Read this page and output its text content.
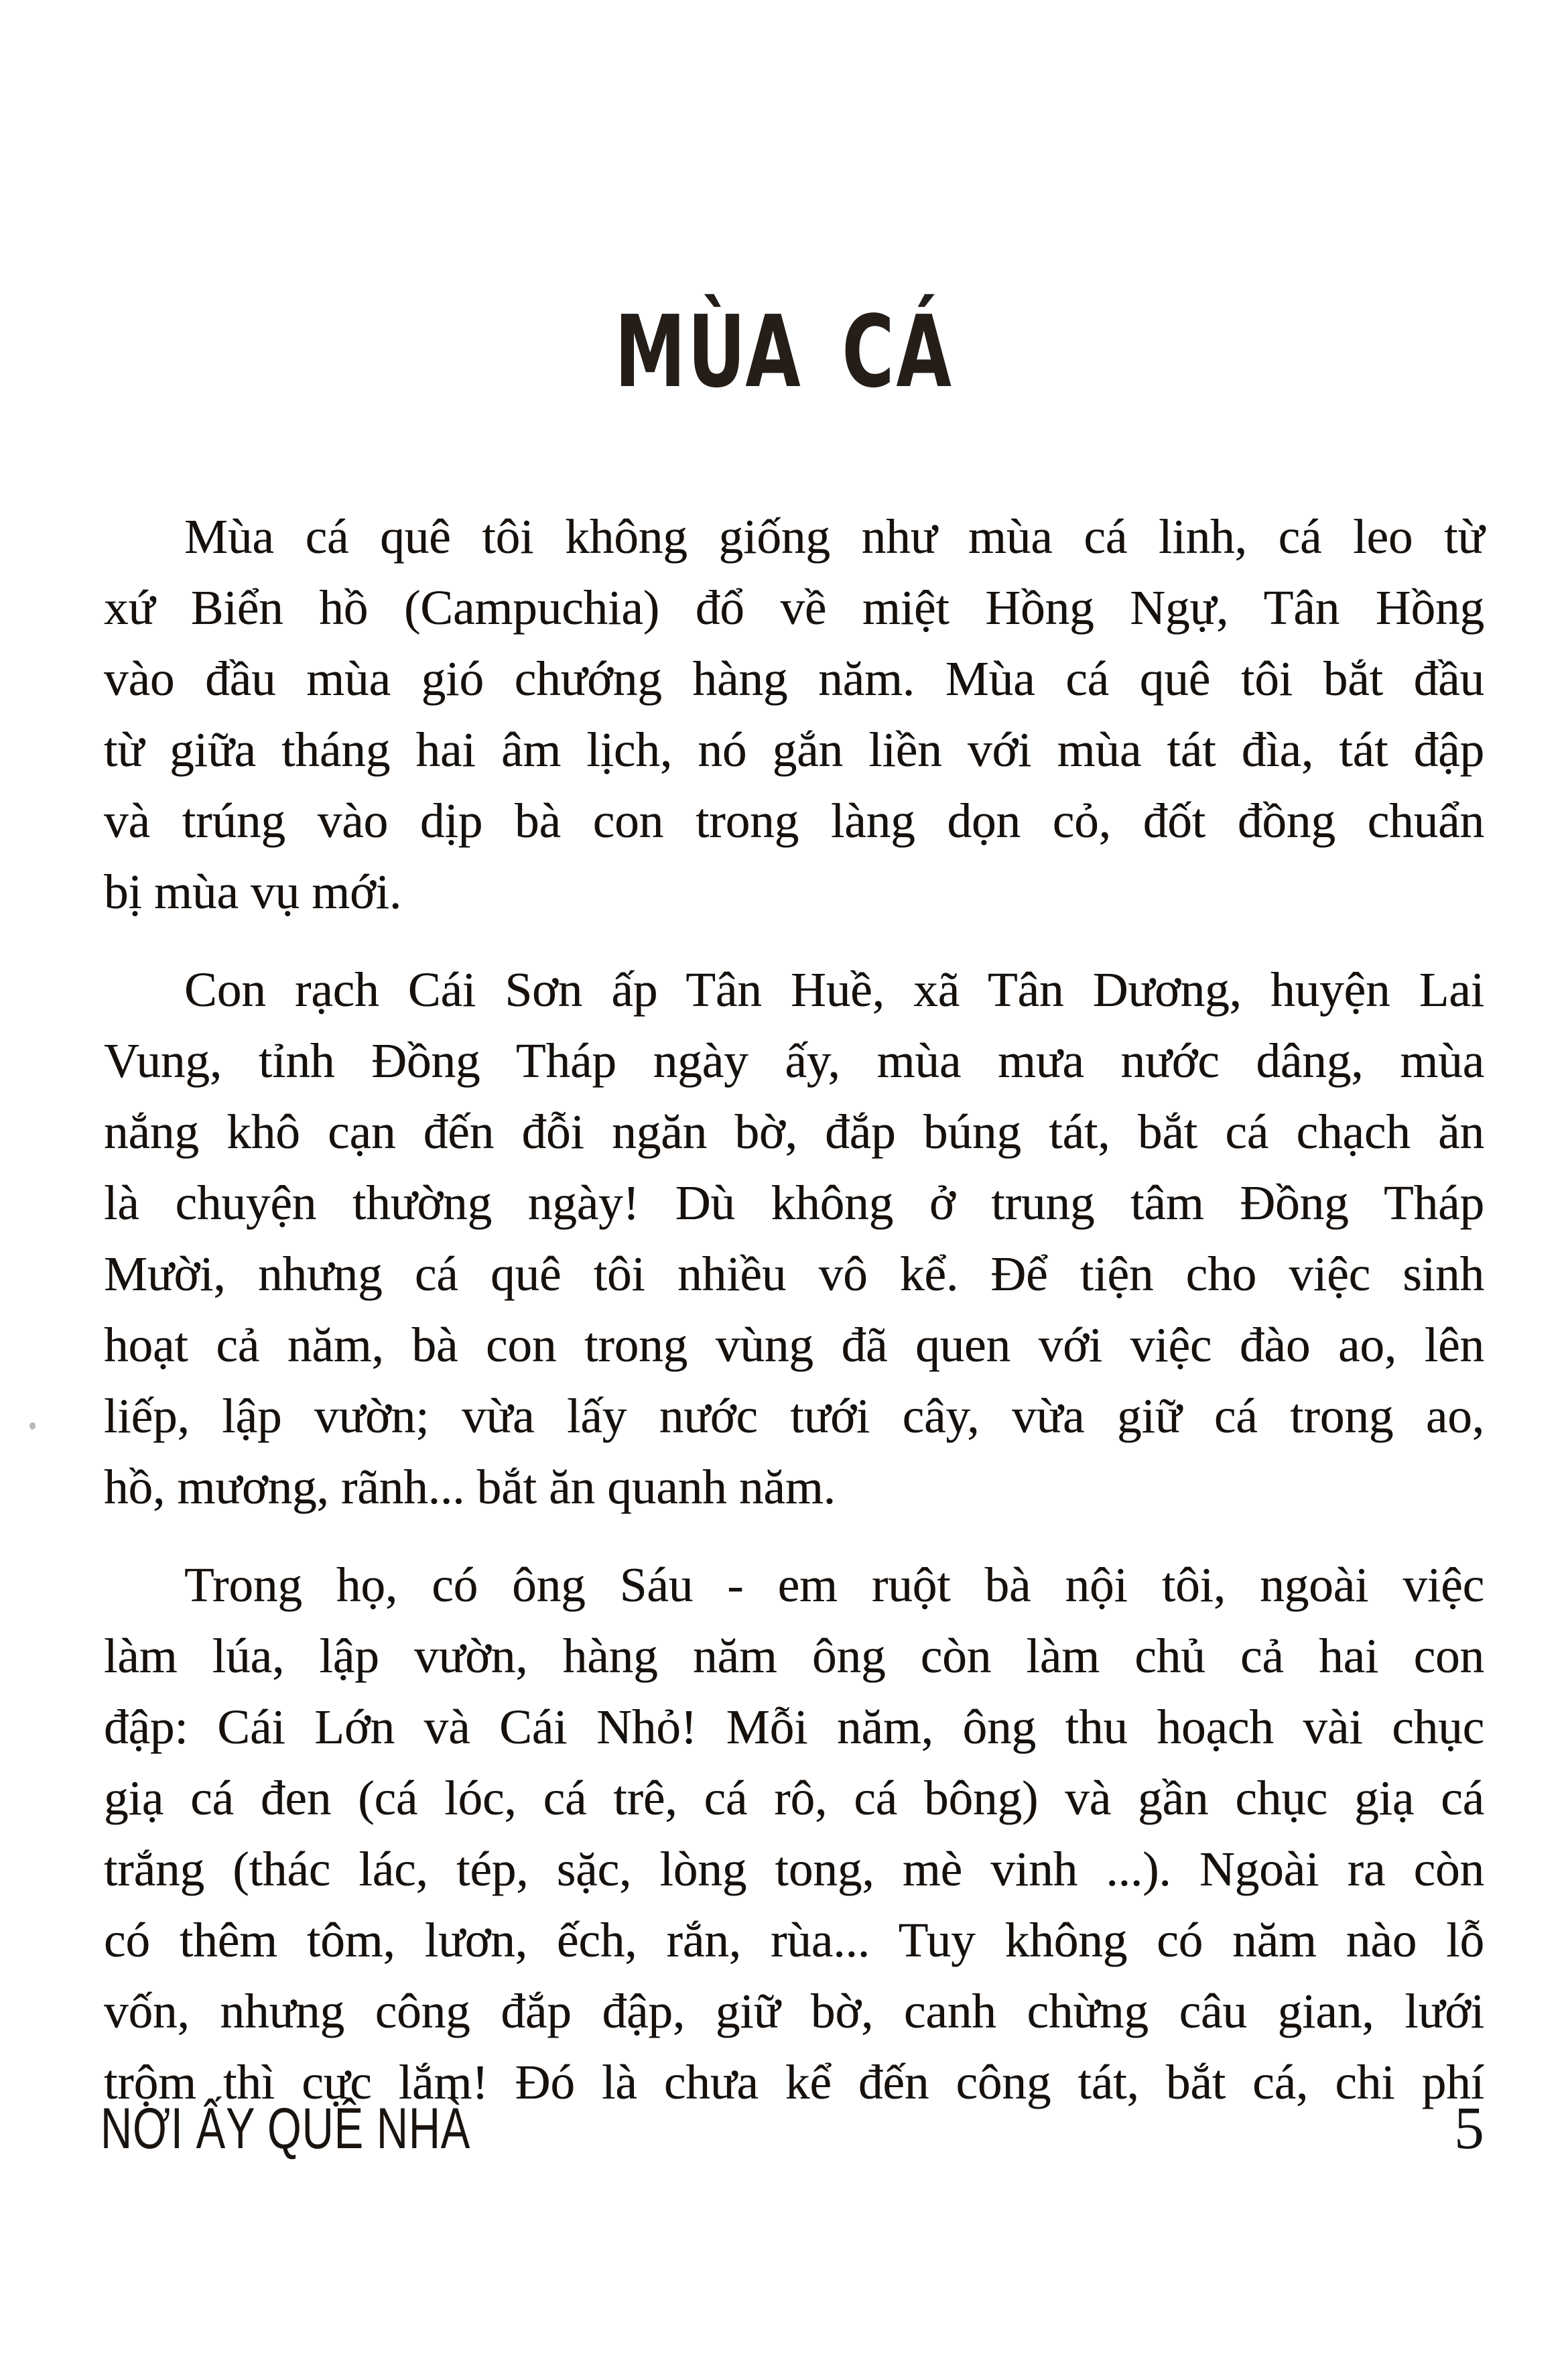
MÙA CÁ
Mùa cá quê tôi không giống như mùa cá linh, cá leo từ
xứ Biển hồ (Campuchia) đổ về miệt Hồng Ngự, Tân Hồng
vào đầu mùa gió chướng hàng năm. Mùa cá quê tôi bắt đầu
từ giữa tháng hai âm lịch, nó gắn liền với mùa tát đìa, tát đập
và trúng vào dịp bà con trong làng dọn cỏ, đốt đồng chuẩn
bị mùa vụ mới.
Con rạch Cái Sơn ấp Tân Huề, xã Tân Dương, huyện Lai
Vung, tỉnh Đồng Tháp ngày ấy, mùa mưa nước dâng, mùa
nắng khô cạn đến đỗi ngăn bờ, đắp búng tát, bắt cá chạch ăn
là chuyện thường ngày! Dù không ở trung tâm Đồng Tháp
Mười, nhưng cá quê tôi nhiều vô kể. Để tiện cho việc sinh
hoạt cả năm, bà con trong vùng đã quen với việc đào ao, lên
liếp, lập vườn; vừa lấy nước tưới cây, vừa giữ cá trong ao,
hồ, mương, rãnh... bắt ăn quanh năm.
Trong họ, có ông Sáu - em ruột bà nội tôi, ngoài việc
làm lúa, lập vườn, hàng năm ông còn làm chủ cả hai con
đập: Cái Lớn và Cái Nhỏ! Mỗi năm, ông thu hoạch vài chục
giạ cá đen (cá lóc, cá trê, cá rô, cá bông) và gần chục giạ cá
trắng (thác lác, tép, sặc, lòng tong, mè vinh ...). Ngoài ra còn
có thêm tôm, lươn, ếch, rắn, rùa... Tuy không có năm nào lỗ
vốn, nhưng công đắp đập, giữ bờ, canh chừng câu gian, lưới
trộm thì cực lắm! Đó là chưa kể đến công tát, bắt cá, chi phí
NƠI ẤY QUÊ NHÀ	5
